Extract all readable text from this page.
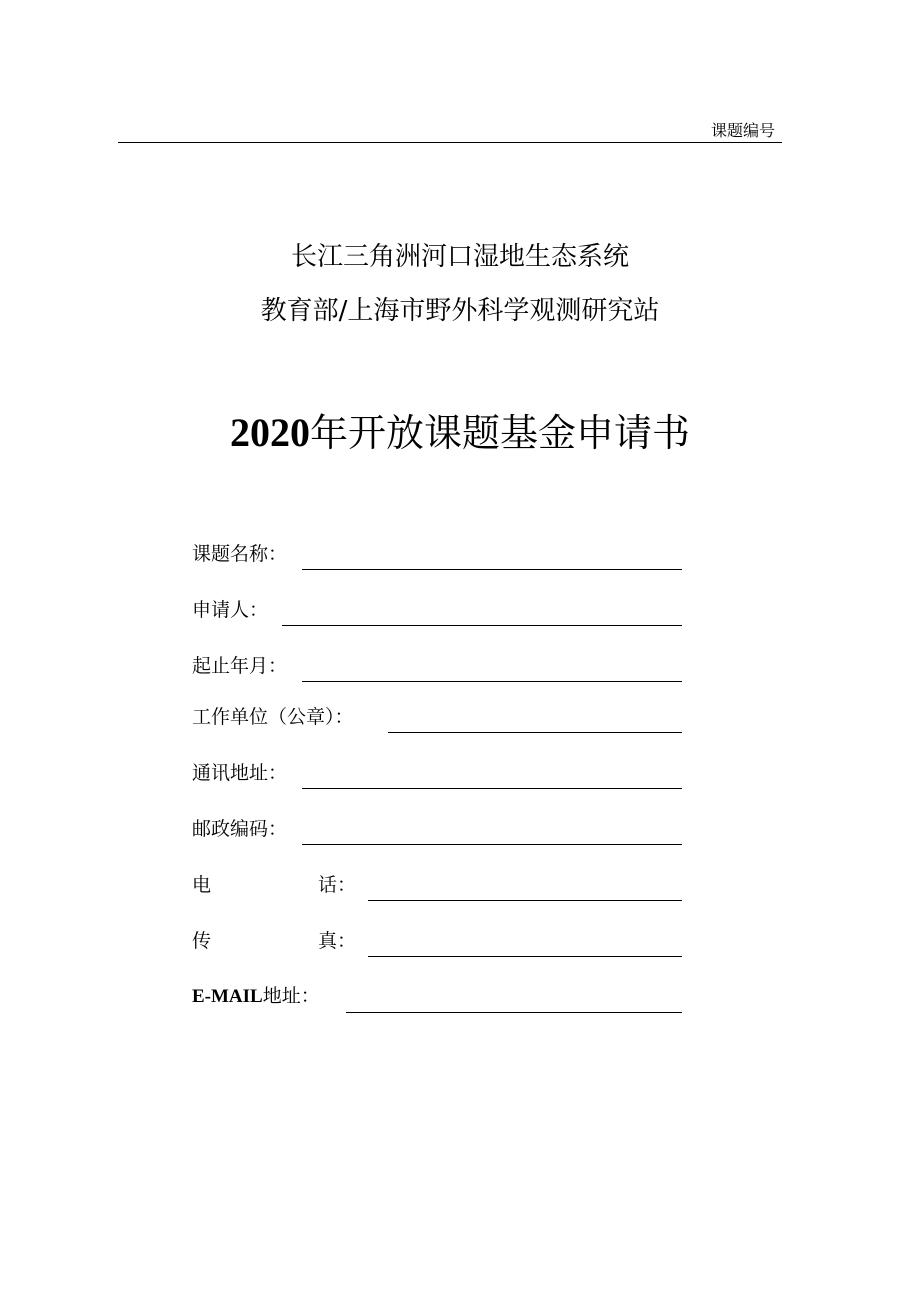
课题编号
长江三角洲河口湿地生态系统
教育部/上海市野外科学观测研究站
2020年开放课题基金申请书
课题名称：
申请人：
起止年月：
工作单位（公章）：
通讯地址：
邮政编码：
电	话：
传	真：
E-MAIL地址：
